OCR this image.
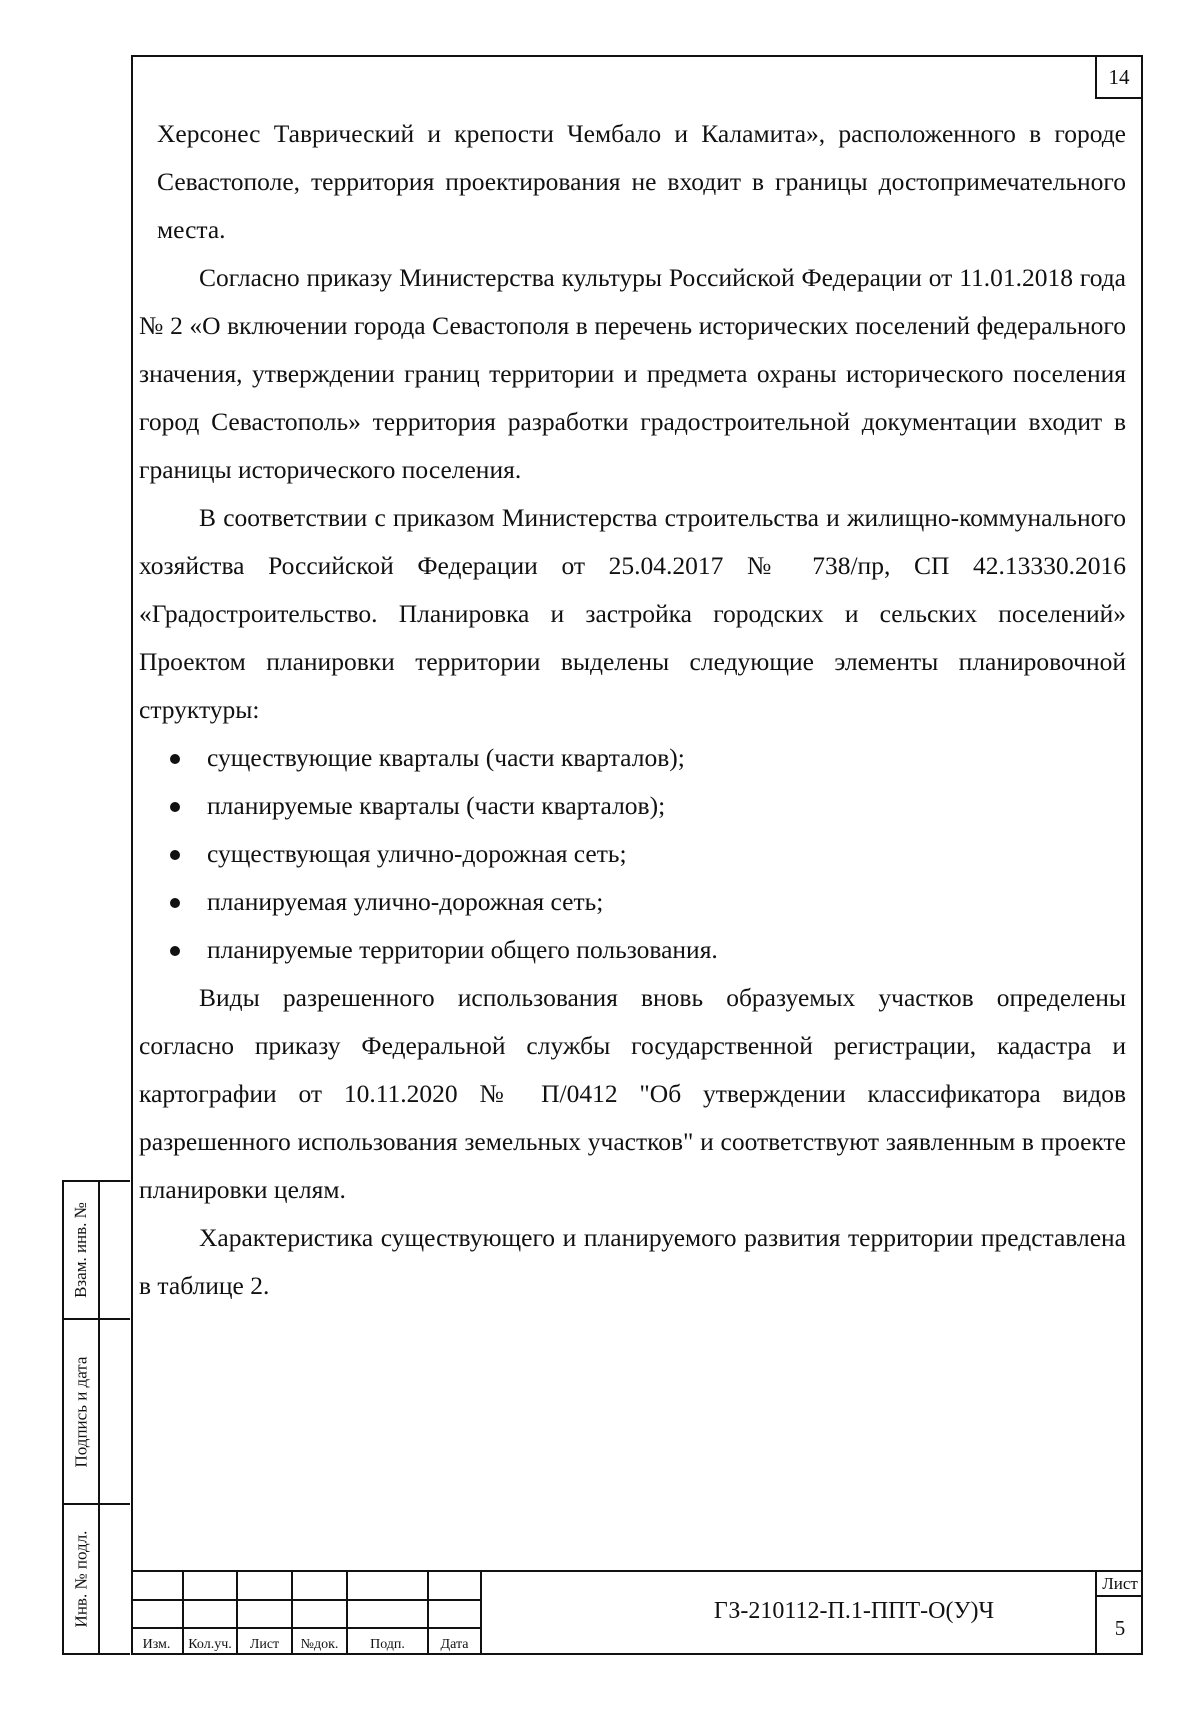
14

Херсонес Таврический и крепости Чембало и Каламита», расположенного в городе Севастополе, территория проектирования не входит в границы достопримечательного места.

Согласно приказу Министерства культуры Российской Федерации от 11.01.2018 года № 2 «О включении города Севастополя в перечень исторических поселений федерального значения, утверждении границ территории и предмета охраны исторического поселения город Севастополь» территория разработки градостроительной документации входит в границы исторического поселения.

В соответствии с приказом Министерства строительства и жилищно-коммунального хозяйства Российской Федерации от 25.04.2017 № 738/пр, СП 42.13330.2016 «Градостроительство. Планировка и застройка городских и сельских поселений» Проектом планировки территории выделены следующие элементы планировочной структуры:

существующие кварталы (части кварталов);
планируемые кварталы (части кварталов);
существующая улично-дорожная сеть;
планируемая улично-дорожная сеть;
планируемые территории общего пользования.

Виды разрешенного использования вновь образуемых участков определены согласно приказу Федеральной службы государственной регистрации, кадастра и картографии от 10.11.2020 № П/0412 "Об утверждении классификатора видов разрешенного использования земельных участков" и соответствуют заявленным в проекте планировки целям.

Характеристика существующего и планируемого развития территории представлена в таблице 2.

Взам. инв. №
Подпись и дата
Инв. № подл.
Изм.	Кол.уч.	Лист	№док.	Подп.	Дата
ГЗ-210112-П.1-ППТ-О(У)Ч
Лист
5
